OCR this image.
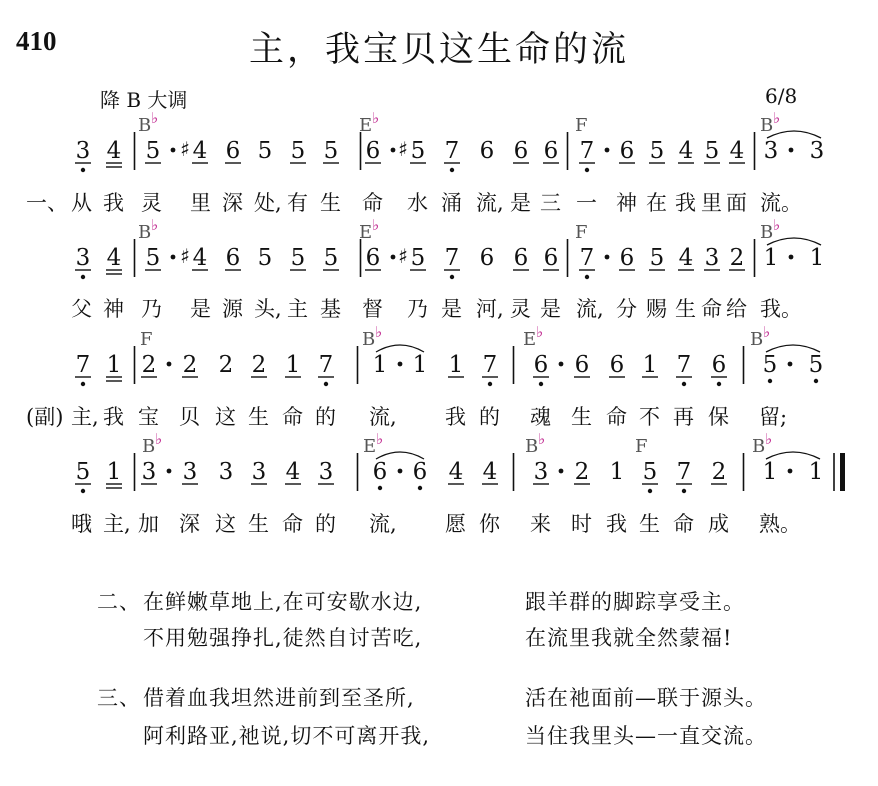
410	主，我宝贝这生命的流
降 B 大调	6/8
B ♭	E ♭	F	B ♭
3 4 5 4
♯ 6 5 5 5 6 5
♯ 7 6 6 6 7 6 5 4 5 4 3 3
B ♭	E ♭	F	B ♭
3 4 5 4
♯ 6 5 5 5 6 5
♯ 7 6 6 6 7 6 5 4 3 2 1 1
F	B ♭	E ♭	B ♭
7 1 2 2 2 2 1 7 1 1 1 7 6 6 6 1 7 6 5 5
B ♭	E ♭	B ♭	F	B ♭
5 1 3 3 3 3 4 3 6 6 4 4 3 2 1 5 7 2 1 1
一、 从 我 灵 里 深 处, 有 生 命 水 涌 流, 是 三 一 神 在 我 里 面 流。
父 神 乃 是 源 头, 主 基 督 乃 是 河, 灵 是 流, 分 赐 生 命 给 我。
(副) 主, 我 宝 贝 这 生 命 的 流, 我 的 魂 生 命 不 再 保 留;
哦 主, 加 深 这 生 命 的 流, 愿 你 来 时 我 生 命 成 熟。
二、 在鲜嫩草地上,在可安歇水边,	跟羊群的脚踪享受主。
不用勉强挣扎,徒然自讨苦吃,	在流里我就全然蒙福!
三、 借着血我坦然进前到至圣所,	活在祂面前—联于源头。
阿利路亚,祂说,切不可离开我,	当住我里头—一直交流。
